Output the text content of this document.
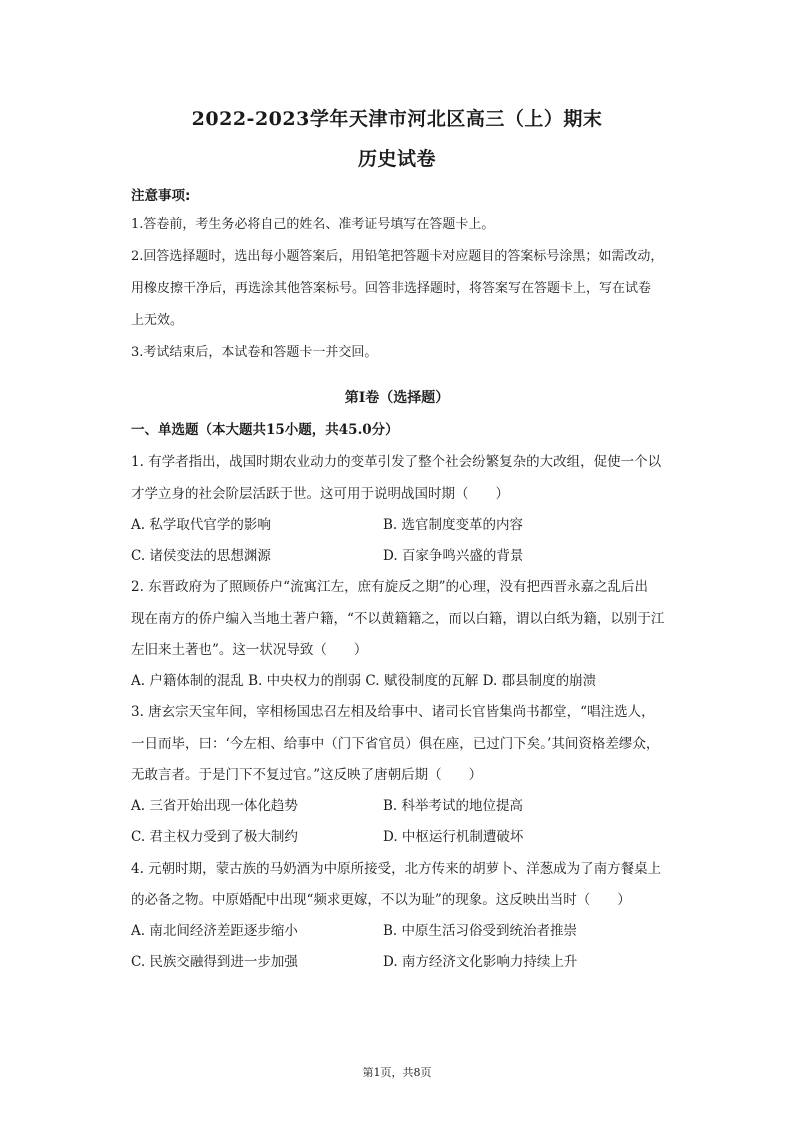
2022-2023学年天津市河北区高三（上）期末
历史试卷
注意事项:
1.答卷前，考生务必将自己的姓名、准考证号填写在答题卡上。
2.回答选择题时，选出每小题答案后，用铅笔把答题卡对应题目的答案标号涂黑；如需改动，
用橡皮擦干净后，再选涂其他答案标号。回答非选择题时，将答案写在答题卡上，写在试卷
上无效。
3.考试结束后，本试卷和答题卡一并交回。
第Ⅰ卷（选择题）
一、单选题（本大题共15小题，共45.0分）
1. 有学者指出，战国时期农业动力的变革引发了整个社会纷繁复杂的大改组，促使一个以
才学立身的社会阶层活跃于世。这可用于说明战国时期（　　）
A. 私学取代官学的影响	B. 选官制度变革的内容
C. 诸侯变法的思想渊源	D. 百家争鸣兴盛的背景
2. 东晋政府为了照顾侨户“流寓江左，庶有旋反之期”的心理，没有把西晋永嘉之乱后出
现在南方的侨户编入当地土著户籍，“不以黄籍籍之，而以白籍，谓以白纸为籍，以别于江
左旧来土著也”。这一状况导致（　　）
A. 户籍体制的混乱 B. 中央权力的削弱 C. 赋役制度的瓦解 D. 郡县制度的崩溃
3. 唐玄宗天宝年间，宰相杨国忠召左相及给事中、诸司长官皆集尚书都堂，“唱注选人，
一日而毕，曰：‘今左相、给事中（门下省官员）俱在座，已过门下矣。’其间资格差缪众，
无敢言者。于是门下不复过官。”这反映了唐朝后期（　　）
A. 三省开始出现一体化趋势	B. 科举考试的地位提高
C. 君主权力受到了极大制约	D. 中枢运行机制遭破坏
4. 元朝时期，蒙古族的马奶酒为中原所接受，北方传来的胡萝卜、洋葱成为了南方餐桌上
的必备之物。中原婚配中出现“频求更嫁，不以为耻”的现象。这反映出当时（　　）
A. 南北间经济差距逐步缩小	B. 中原生活习俗受到统治者推崇
C. 民族交融得到进一步加强	D. 南方经济文化影响力持续上升
第1页，共8页
